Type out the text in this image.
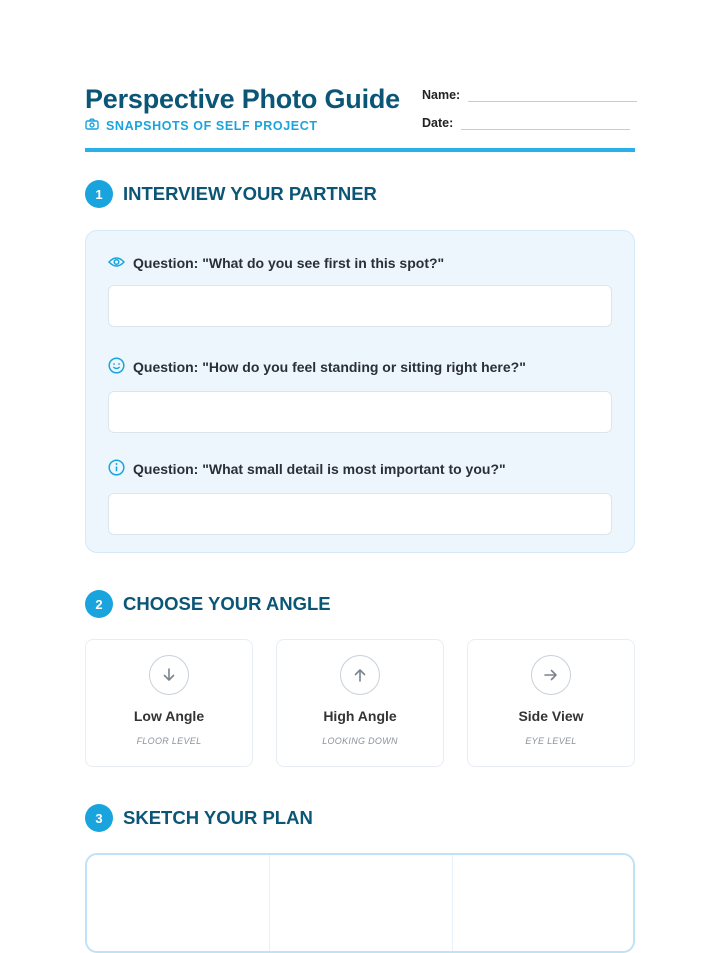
Perspective Photo Guide
SNAPSHOTS OF SELF PROJECT
Name:
Date:
1	INTERVIEW YOUR PARTNER
Question: "What do you see first in this spot?"
Question: "How do you feel standing or sitting right here?"
Question: "What small detail is most important to you?"
2	CHOOSE YOUR ANGLE
Low Angle
FLOOR LEVEL
High Angle
LOOKING DOWN
Side View
EYE LEVEL
3	SKETCH YOUR PLAN
